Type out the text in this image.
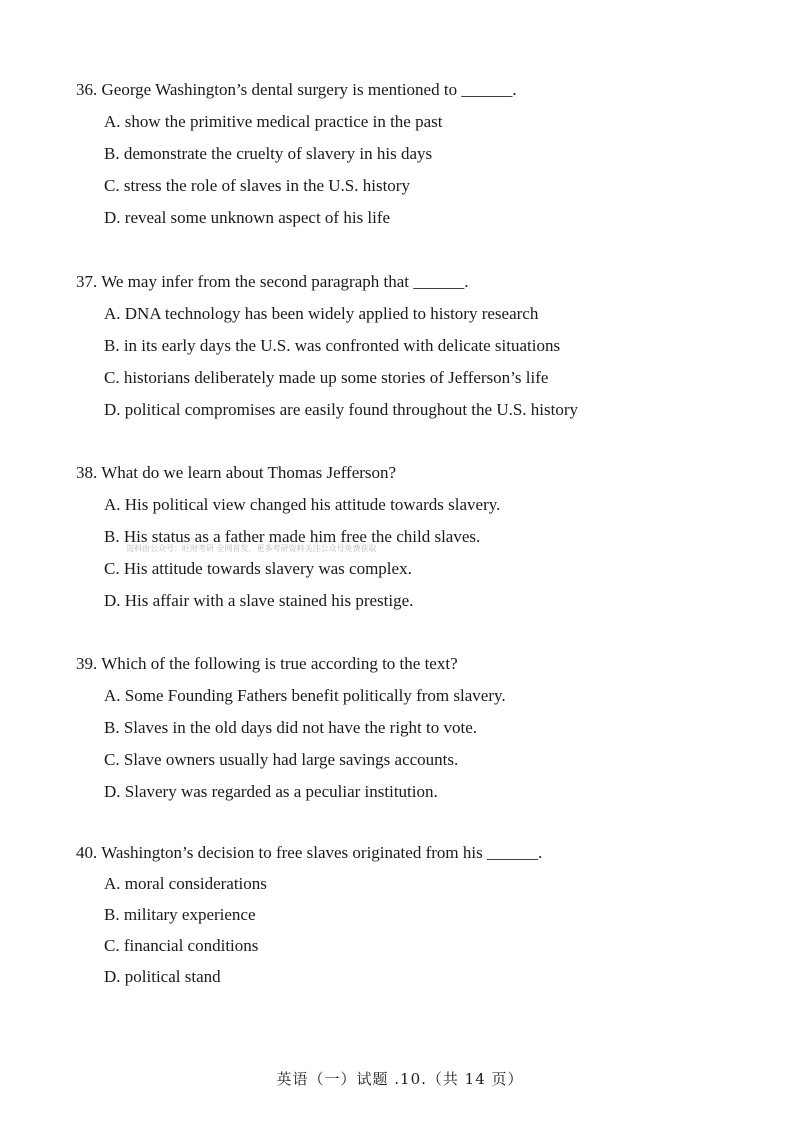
36. George Washington’s dental surgery is mentioned to ______.
A. show the primitive medical practice in the past
B. demonstrate the cruelty of slavery in his days
C. stress the role of slaves in the U.S. history
D. reveal some unknown aspect of his life
37. We may infer from the second paragraph that ______.
A. DNA technology has been widely applied to history research
B. in its early days the U.S. was confronted with delicate situations
C. historians deliberately made up some stories of Jefferson’s life
D. political compromises are easily found throughout the U.S. history
38. What do we learn about Thomas Jefferson?
A. His political view changed his attitude towards slavery.
B. His status as a father made him free the child slaves.
C. His attitude towards slavery was complex.
D. His affair with a slave stained his prestige.
资料由公众号：旺财考研 全网首发，更多考研资料关注公众号免费获取
39. Which of the following is true according to the text?
A. Some Founding Fathers benefit politically from slavery.
B. Slaves in the old days did not have the right to vote.
C. Slave owners usually had large savings accounts.
D. Slavery was regarded as a peculiar institution.
40. Washington’s decision to free slaves originated from his ______.
A. moral considerations
B. military experience
C. financial conditions
D. political stand
英语（一）试题 .10.（共 14 页）
